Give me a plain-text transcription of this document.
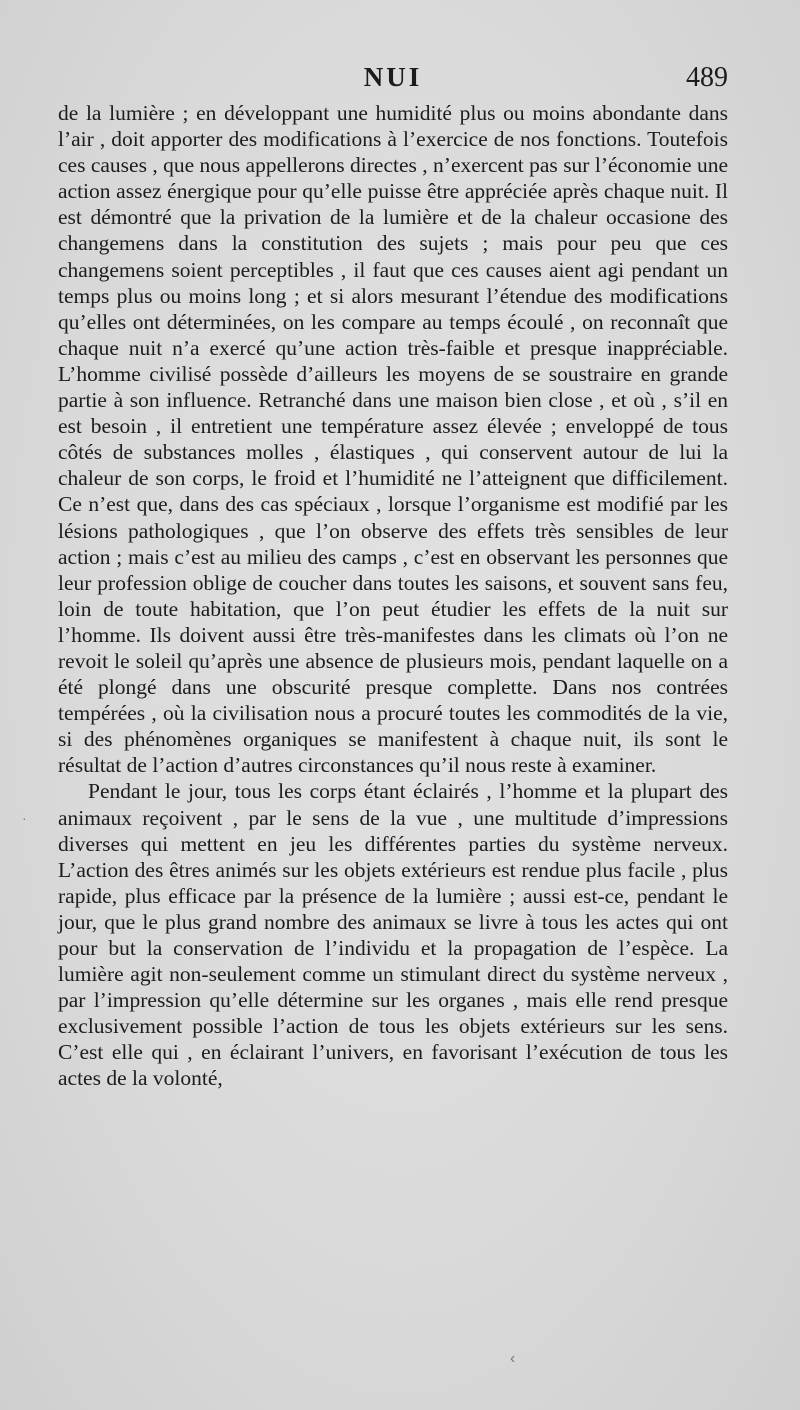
NUI	489

de la lumière ; en développant une humidité plus ou moins abondante dans l’air , doit apporter des modifications à l’exercice de nos fonctions. Toutefois ces causes , que nous appellerons directes , n’exercent pas sur l’économie une action assez énergique pour qu’elle puisse être appréciée après chaque nuit. Il est démontré que la privation de la lumière et de la chaleur occasione des changemens dans la constitution des sujets ; mais pour peu que ces changemens soient perceptibles , il faut que ces causes aient agi pendant un temps plus ou moins long ; et si alors mesurant l’étendue des modifications qu’elles ont déterminées, on les compare au temps écoulé , on reconnaît que chaque nuit n’a exercé qu’une action très-faible et presque inappréciable. L’homme civilisé possède d’ailleurs les moyens de se soustraire en grande partie à son influence. Retranché dans une maison bien close , et où , s’il en est besoin , il entretient une température assez élevée ; enveloppé de tous côtés de substances molles , élastiques , qui conservent autour de lui la chaleur de son corps, le froid et l’humidité ne l’atteignent que difficilement. Ce n’est que, dans des cas spéciaux , lorsque l’organisme est modifié par les lésions pathologiques , que l’on observe des effets très sensibles de leur action ; mais c’est au milieu des camps , c’est en observant les personnes que leur profession oblige de coucher dans toutes les saisons, et souvent sans feu, loin de toute habitation, que l’on peut étudier les effets de la nuit sur l’homme. Ils doivent aussi être très-manifestes dans les climats où l’on ne revoit le soleil qu’après une absence de plusieurs mois, pendant laquelle on a été plongé dans une obscurité presque complette. Dans nos contrées tempérées , où la civilisation nous a procuré toutes les commodités de la vie, si des phénomènes organiques se manifestent à chaque nuit, ils sont le résultat de l’action d’autres circonstances qu’il nous reste à examiner.

Pendant le jour, tous les corps étant éclairés , l’homme et la plupart des animaux reçoivent , par le sens de la vue , une multitude d’impressions diverses qui mettent en jeu les différentes parties du système nerveux. L’action des êtres animés sur les objets extérieurs est rendue plus facile , plus rapide, plus efficace par la présence de la lumière ; aussi est-ce, pendant le jour, que le plus grand nombre des animaux se livre à tous les actes qui ont pour but la conservation de l’individu et la propagation de l’espèce. La lumière agit non-seulement comme un stimulant direct du système nerveux , par l’impression qu’elle détermine sur les organes , mais elle rend presque exclusivement possible l’action de tous les objets extérieurs sur les sens. C’est elle qui , en éclairant l’univers, en favorisant l’exécution de tous les actes de la volonté,

·
‹
